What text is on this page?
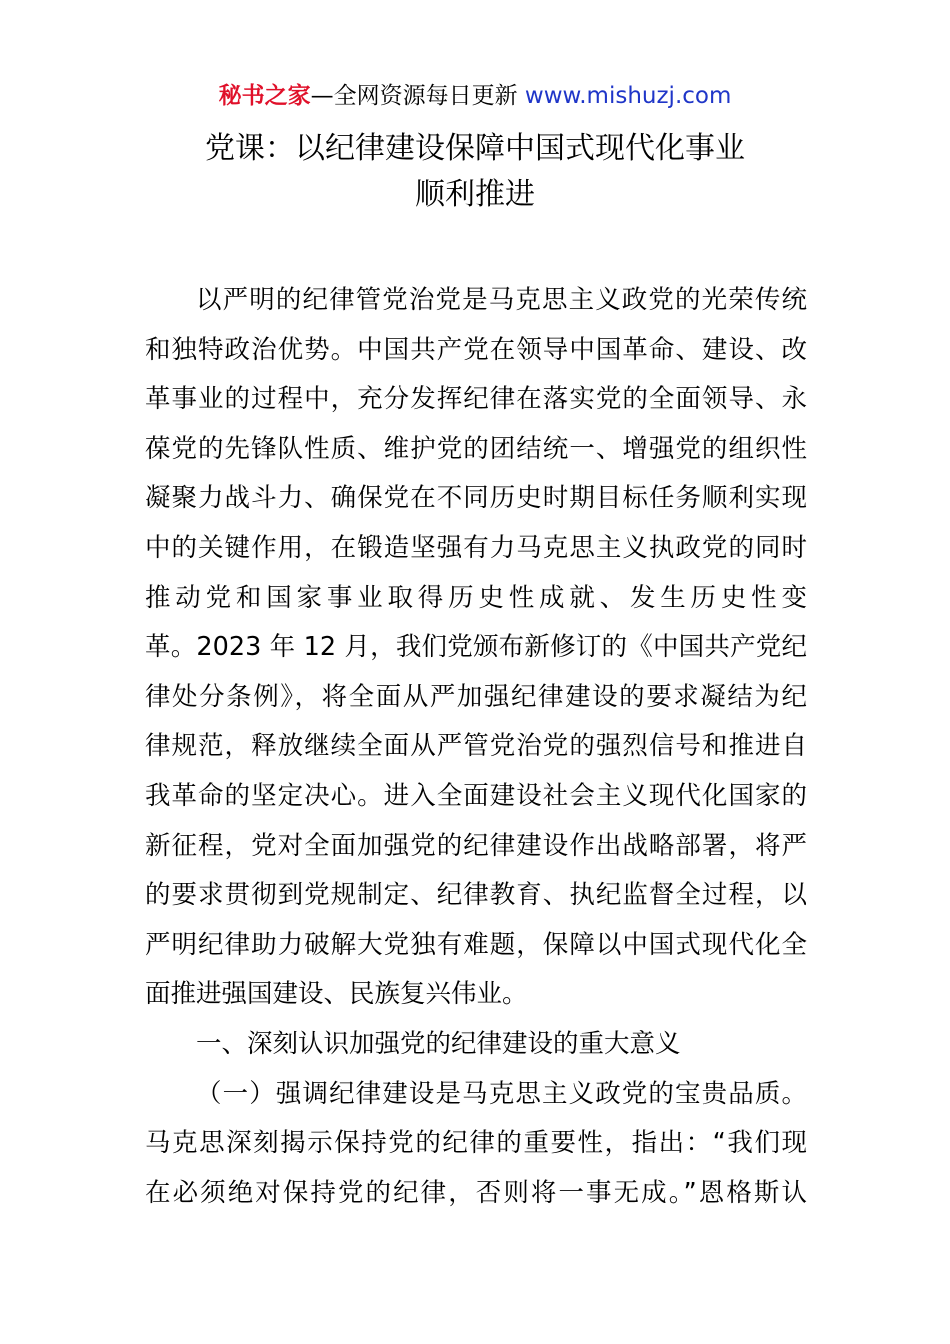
秘书之家—全网资源每日更新 www.mishuzj.com
党课：以纪律建设保障中国式现代化事业
顺利推进

以严明的纪律管党治党是马克思主义政党的光荣传统
和独特政治优势。中国共产党在领导中国革命、建设、改
革事业的过程中，充分发挥纪律在落实党的全面领导、永
葆党的先锋队性质、维护党的团结统一、增强党的组织性
凝聚力战斗力、确保党在不同历史时期目标任务顺利实现
中的关键作用，在锻造坚强有力马克思主义执政党的同时
推动党和国家事业取得历史性成就、发生历史性变
革。2023 年 12 月，我们党颁布新修订的《中国共产党纪
律处分条例》，将全面从严加强纪律建设的要求凝结为纪
律规范，释放继续全面从严管党治党的强烈信号和推进自
我革命的坚定决心。进入全面建设社会主义现代化国家的
新征程，党对全面加强党的纪律建设作出战略部署，将严
的要求贯彻到党规制定、纪律教育、执纪监督全过程，以
严明纪律助力破解大党独有难题，保障以中国式现代化全
面推进强国建设、民族复兴伟业。

一、深刻认识加强党的纪律建设的重大意义

（一）强调纪律建设是马克思主义政党的宝贵品质。
马克思深刻揭示保持党的纪律的重要性，指出：“我们现
在必须绝对保持党的纪律，否则将一事无成。”恩格斯认
